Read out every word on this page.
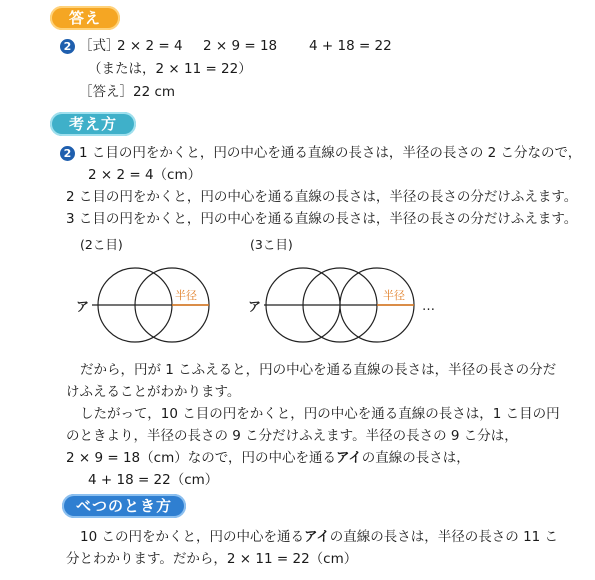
答え
2 ［式］
2 × 2 = 4 2 × 9 = 18 4 + 18 = 22
（または，2 × 11 = 22）
［答え］22 cm
考え方
2 1 こ目の円をかくと，円の中心を通る直線の長さは，半径の長さの 2 こ分なので，
2 × 2 = 4（cm）
2 こ目の円をかくと，円の中心を通る直線の長さは，半径の長さの分だけふえます。
3 こ目の円をかくと，円の中心を通る直線の長さは，半径の長さの分だけふえます。
(2こ目)	(3こ目)
ア
半径
ア
半径
…
だから，円が 1 こふえると，円の中心を通る直線の長さは，半径の長さの分だ
けふえることがわかります。
したがって，10 こ目の円をかくと，円の中心を通る直線の長さは，1 こ目の円
のときより，半径の長さの 9 こ分だけふえます。半径の長さの 9 こ分は，
2 × 9 = 18（cm）なので，円の中心を通るアイの直線の長さは，
4 + 18 = 22（cm）
べつのとき方
10 この円をかくと，円の中心を通るアイの直線の長さは，半径の長さの 11 こ
分とわかります。だから，2 × 11 = 22（cm）
